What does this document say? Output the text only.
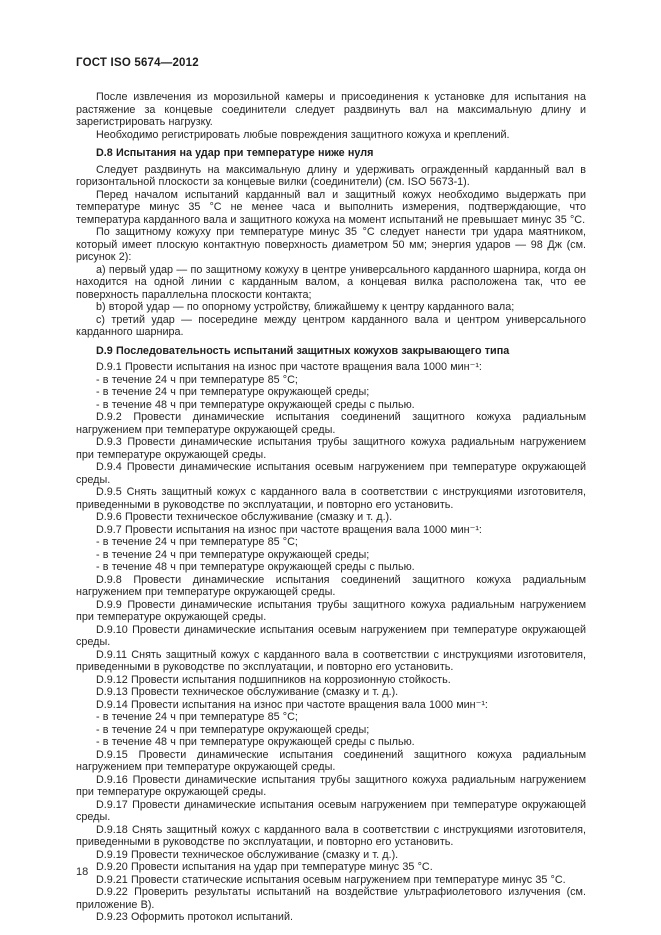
ГОСТ ISO 5674—2012

После извлечения из морозильной камеры и присоединения к установке для испытания на растяжение за концевые соединители следует раздвинуть вал на максимальную длину и зарегистрировать нагрузку.

Необходимо регистрировать любые повреждения защитного кожуха и креплений.

D.8 Испытания на удар при температуре ниже нуля

Следует раздвинуть на максимальную длину и удерживать огражденный карданный вал в горизонтальной плоскости за концевые вилки (соединители) (см. ISO 5673-1).

Перед началом испытаний карданный вал и защитный кожух необходимо выдержать при температуре минус 35 °С не менее часа и выполнить измерения, подтверждающие, что температура карданного вала и защитного кожуха на момент испытаний не превышает минус 35 °С.

По защитному кожуху при температуре минус 35 °С следует нанести три удара маятником, который имеет плоскую контактную поверхность диаметром 50 мм; энергия ударов — 98 Дж (см. рисунок 2):

a) первый удар — по защитному кожуху в центре универсального карданного шарнира, когда он находится на одной линии с карданным валом, а концевая вилка расположена так, что ее поверхность параллельна плоскости контакта;

b) второй удар — по опорному устройству, ближайшему к центру карданного вала;

c) третий удар — посередине между центром карданного вала и центром универсального карданного шарнира.

D.9 Последовательность испытаний защитных кожухов закрывающего типа

D.9.1 Провести испытания на износ при частоте вращения вала 1000 мин⁻¹:

- в течение 24 ч при температуре 85 °С;

- в течение 24 ч при температуре окружающей среды;

- в течение 48 ч при температуре окружающей среды с пылью.

D.9.2 Провести динамические испытания соединений защитного кожуха радиальным нагружением при температуре окружающей среды.

D.9.3 Провести динамические испытания трубы защитного кожуха радиальным нагружением при температуре окружающей среды.

D.9.4 Провести динамические испытания осевым нагружением при температуре окружающей среды.

D.9.5 Снять защитный кожух с карданного вала в соответствии с инструкциями изготовителя, приведенными в руководстве по эксплуатации, и повторно его установить.

D.9.6 Провести техническое обслуживание (смазку и т. д.).

D.9.7 Провести испытания на износ при частоте вращения вала 1000 мин⁻¹:

- в течение 24 ч при температуре 85 °С;

- в течение 24 ч при температуре окружающей среды;

- в течение 48 ч при температуре окружающей среды с пылью.

D.9.8 Провести динамические испытания соединений защитного кожуха радиальным нагружением при температуре окружающей среды.

D.9.9 Провести динамические испытания трубы защитного кожуха радиальным нагружением при температуре окружающей среды.

D.9.10 Провести динамические испытания осевым нагружением при температуре окружающей среды.

D.9.11 Снять защитный кожух с карданного вала в соответствии с инструкциями изготовителя, приведенными в руководстве по эксплуатации, и повторно его установить.

D.9.12 Провести испытания подшипников на коррозионную стойкость.

D.9.13 Провести техническое обслуживание (смазку и т. д.).

D.9.14 Провести испытания на износ при частоте вращения вала 1000 мин⁻¹:

- в течение 24 ч при температуре 85 °С;

- в течение 24 ч при температуре окружающей среды;

- в течение 48 ч при температуре окружающей среды с пылью.

D.9.15 Провести динамические испытания соединений защитного кожуха радиальным нагружением при температуре окружающей среды.

D.9.16 Провести динамические испытания трубы защитного кожуха радиальным нагружением при температуре окружающей среды.

D.9.17 Провести динамические испытания осевым нагружением при температуре окружающей среды.

D.9.18 Снять защитный кожух с карданного вала в соответствии с инструкциями изготовителя, приведенными в руководстве по эксплуатации, и повторно его установить.

D.9.19 Провести техническое обслуживание (смазку и т. д.).

D.9.20 Провести испытания на удар при температуре минус 35 °С.

D.9.21 Провести статические испытания осевым нагружением при температуре минус 35 °С.

D.9.22 Проверить результаты испытаний на воздействие ультрафиолетового излучения (см. приложение В).

D.9.23 Оформить протокол испытаний.

18
